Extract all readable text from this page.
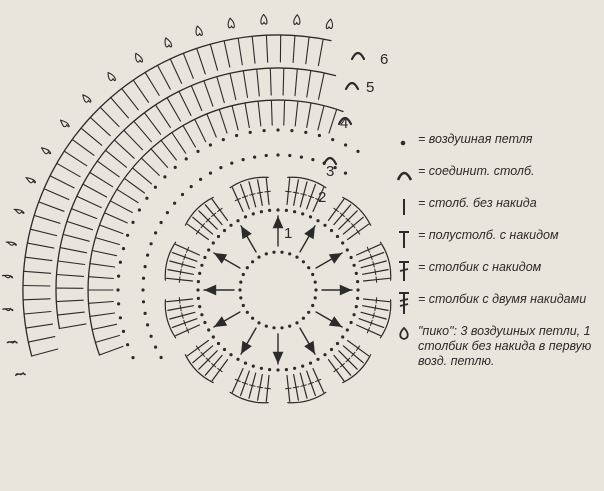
1
2
3
4
5
6
= воздушная петля
= соединит. столб.
= столб. без накида
= полустолб. с накидом
= столбик с накидом
= столбик с двумя накидами
"пико": 3 воздушных петли, 1 столбик без накида в первую возд. петлю.
